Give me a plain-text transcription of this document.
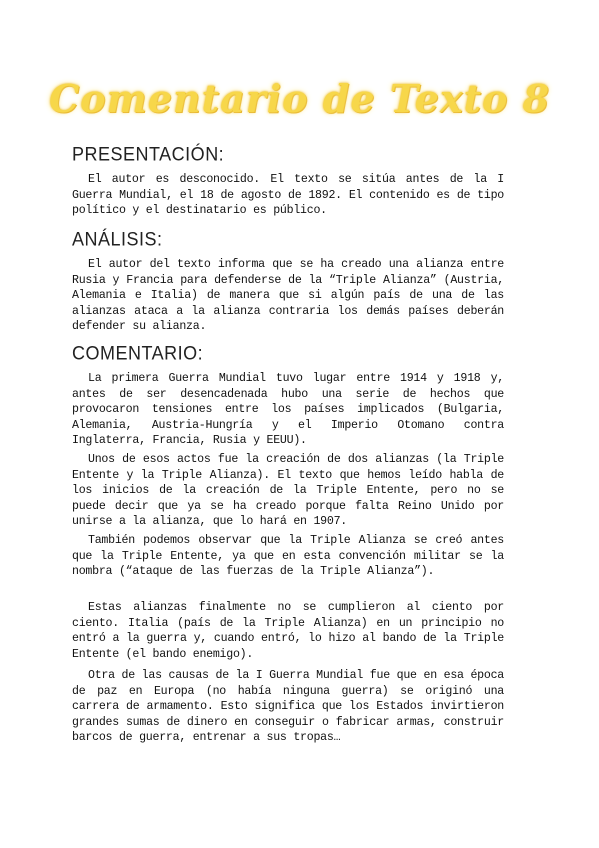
Comentario de Texto 8
PRESENTACIÓN:

El autor es desconocido. El texto se sitúa antes de la I Guerra Mundial, el 18 de agosto de 1892. El contenido es de tipo político y el destinatario es público.

ANÁLISIS:

El autor del texto informa que se ha creado una alianza entre Rusia y Francia para defenderse de la “Triple Alianza” (Austria, Alemania e Italia) de manera que si algún país de una de las alianzas ataca a la alianza contraria los demás países deberán defender su alianza.

COMENTARIO:

La primera Guerra Mundial tuvo lugar entre 1914 y 1918 y, antes de ser desencadenada hubo una serie de hechos que provocaron tensiones entre los países implicados (Bulgaria, Alemania, Austria-Hungría y el Imperio Otomano contra Inglaterra, Francia, Rusia y EEUU).

Unos de esos actos fue la creación de dos alianzas (la Triple Entente y la Triple Alianza). El texto que hemos leído habla de los inicios de la creación de la Triple Entente, pero no se puede decir que ya se ha creado porque falta Reino Unido por unirse a la alianza, que lo hará en 1907.

También podemos observar que la Triple Alianza se creó antes que la Triple Entente, ya que en esta convención militar se la nombra (“ataque de las fuerzas de la Triple Alianza”).

Estas alianzas finalmente no se cumplieron al ciento por ciento. Italia (país de la Triple Alianza) en un principio no entró a la guerra y, cuando entró, lo hizo al bando de la Triple Entente (el bando enemigo).

Otra de las causas de la I Guerra Mundial fue que en esa época de paz en Europa (no había ninguna guerra) se originó una carrera de armamento. Esto significa que los Estados invirtieron grandes sumas de dinero en conseguir o fabricar armas, construir barcos de guerra, entrenar a sus tropas…
